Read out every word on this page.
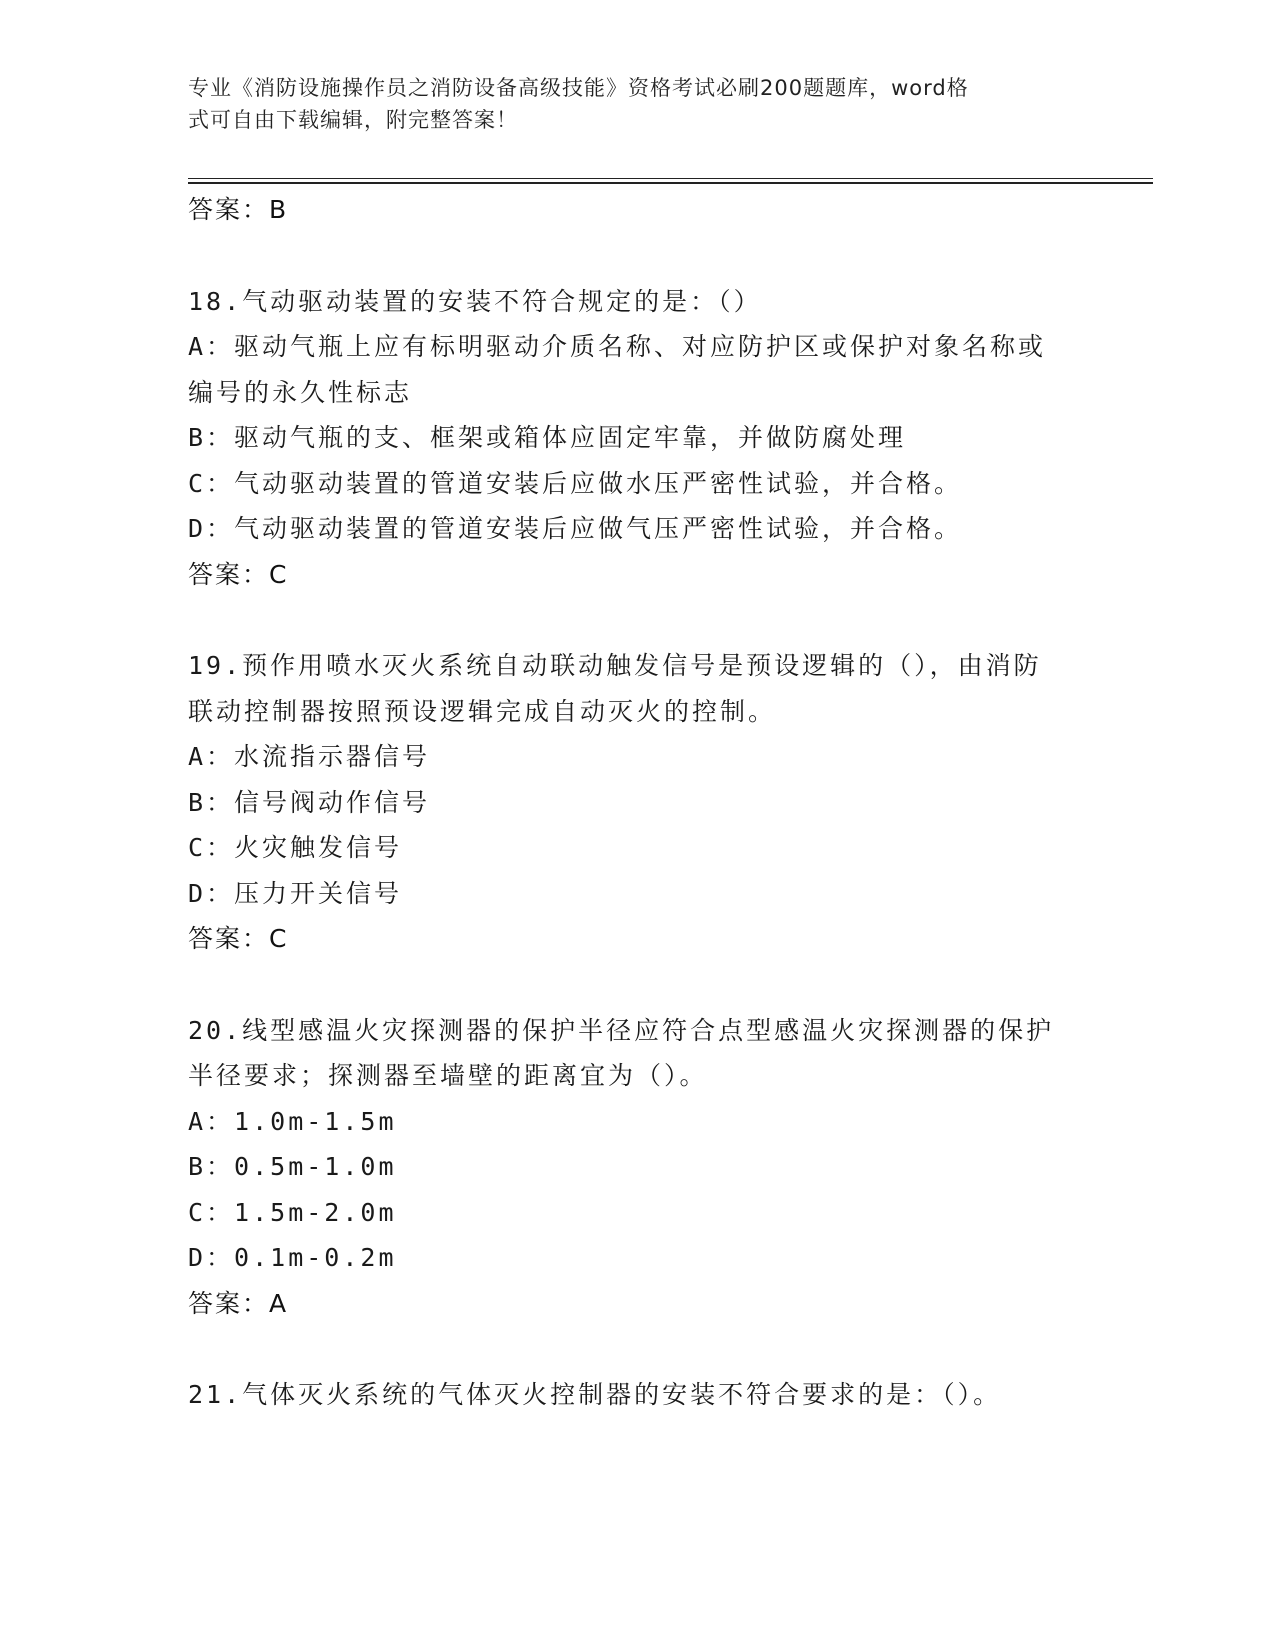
专业《消防设施操作员之消防设备高级技能》资格考试必刷200题题库，word格
式可自由下载编辑，附完整答案！
答案：B
18.气动驱动装置的安装不符合规定的是：（）
A：驱动气瓶上应有标明驱动介质名称、对应防护区或保护对象名称或
编号的永久性标志
B：驱动气瓶的支、框架或箱体应固定牢靠，并做防腐处理
C：气动驱动装置的管道安装后应做水压严密性试验，并合格。
D：气动驱动装置的管道安装后应做气压严密性试验，并合格。
答案：C
19.预作用喷水灭火系统自动联动触发信号是预设逻辑的（），由消防
联动控制器按照预设逻辑完成自动灭火的控制。
A：水流指示器信号
B：信号阀动作信号
C：火灾触发信号
D：压力开关信号
答案：C
20.线型感温火灾探测器的保护半径应符合点型感温火灾探测器的保护
半径要求；探测器至墙壁的距离宜为（）。
A：1.0m-1.5m
B：0.5m-1.0m
C：1.5m-2.0m
D：0.1m-0.2m
答案：A
21.气体灭火系统的气体灭火控制器的安装不符合要求的是：（）。
